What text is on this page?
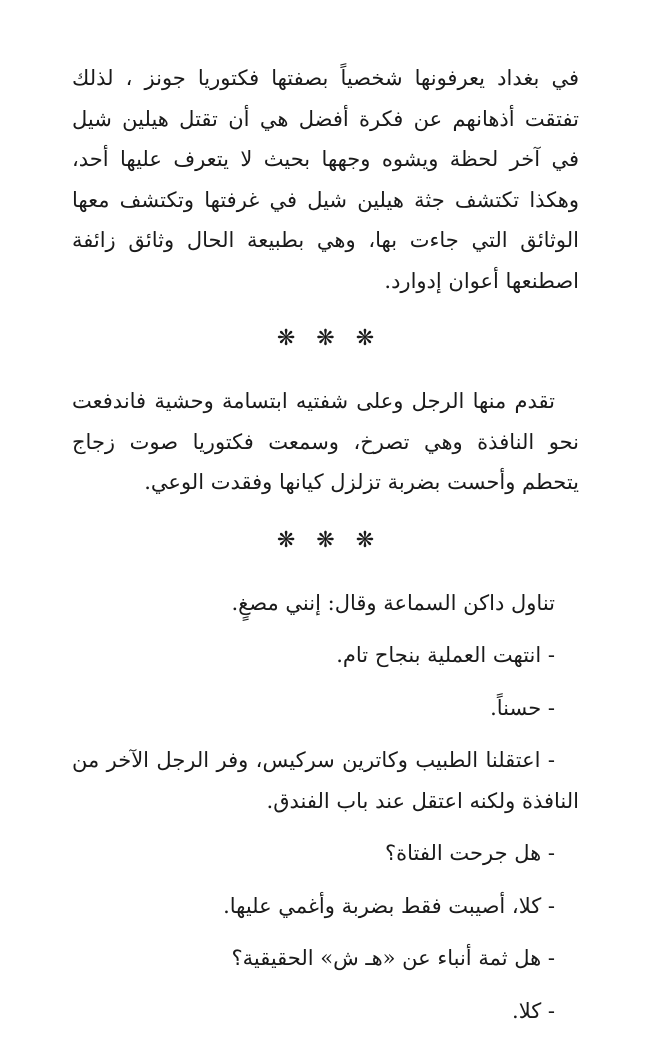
في بغداد يعرفونها شخصياً بصفتها فكتوريا جونز ، لذلك تفتقت أذهانهم عن فكرة أفضل هي أن تقتل هيلين شيل في آخر لحظة ويشوه وجهها بحيث لا يتعرف عليها أحد، وهكذا تكتشف جثة هيلين شيل في غرفتها وتكتشف معها الوثائق التي جاءت بها، وهي بطبيعة الحال وثائق زائفة اصطنعها أعوان إدوارد.

❋ ❋ ❋

تقدم منها الرجل وعلى شفتيه ابتسامة وحشية فاندفعت نحو النافذة وهي تصرخ، وسمعت فكتوريا صوت زجاج يتحطم وأحست بضربة تزلزل كيانها وفقدت الوعي.

❋ ❋ ❋

تناول داكن السماعة وقال: إنني مصغٍ.

- انتهت العملية بنجاح تام.

- حسناً.

- اعتقلنا الطبيب وكاترين سركيس، وفر الرجل الآخر من النافذة ولكنه اعتقل عند باب الفندق.

- هل جرحت الفتاة؟

- كلا، أصيبت فقط بضربة وأغمي عليها.

- هل ثمة أنباء عن «هـ ش» الحقيقية؟

- كلا.
